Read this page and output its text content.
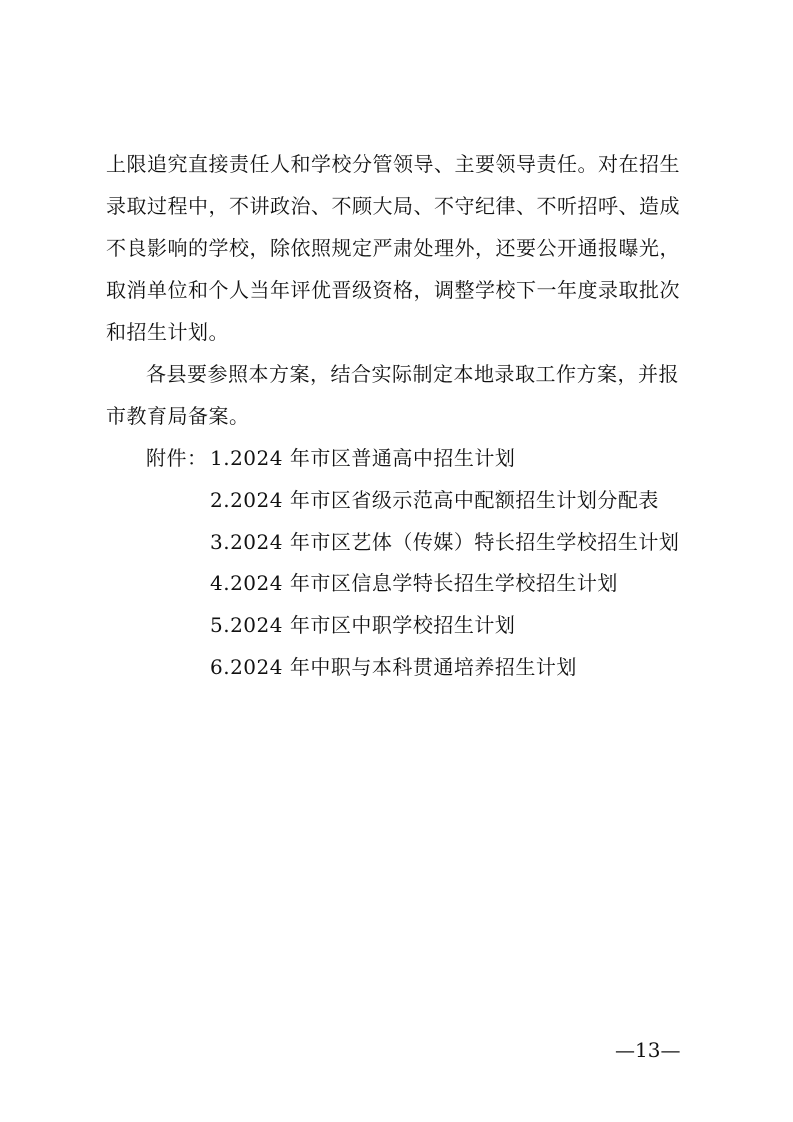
上限追究直接责任人和学校分管领导、主要领导责任。对在招生
录取过程中，不讲政治、不顾大局、不守纪律、不听招呼、造成
不良影响的学校，除依照规定严肃处理外，还要公开通报曝光，
取消单位和个人当年评优晋级资格，调整学校下一年度录取批次
和招生计划。
各县要参照本方案，结合实际制定本地录取工作方案，并报
市教育局备案。
附件： 1.2024 年市区普通高中招生计划
2.2024 年市区省级示范高中配额招生计划分配表
3.2024 年市区艺体（传媒）特长招生学校招生计划
4.2024 年市区信息学特长招生学校招生计划
5.2024 年市区中职学校招生计划
6.2024 年中职与本科贯通培养招生计划
—13—
